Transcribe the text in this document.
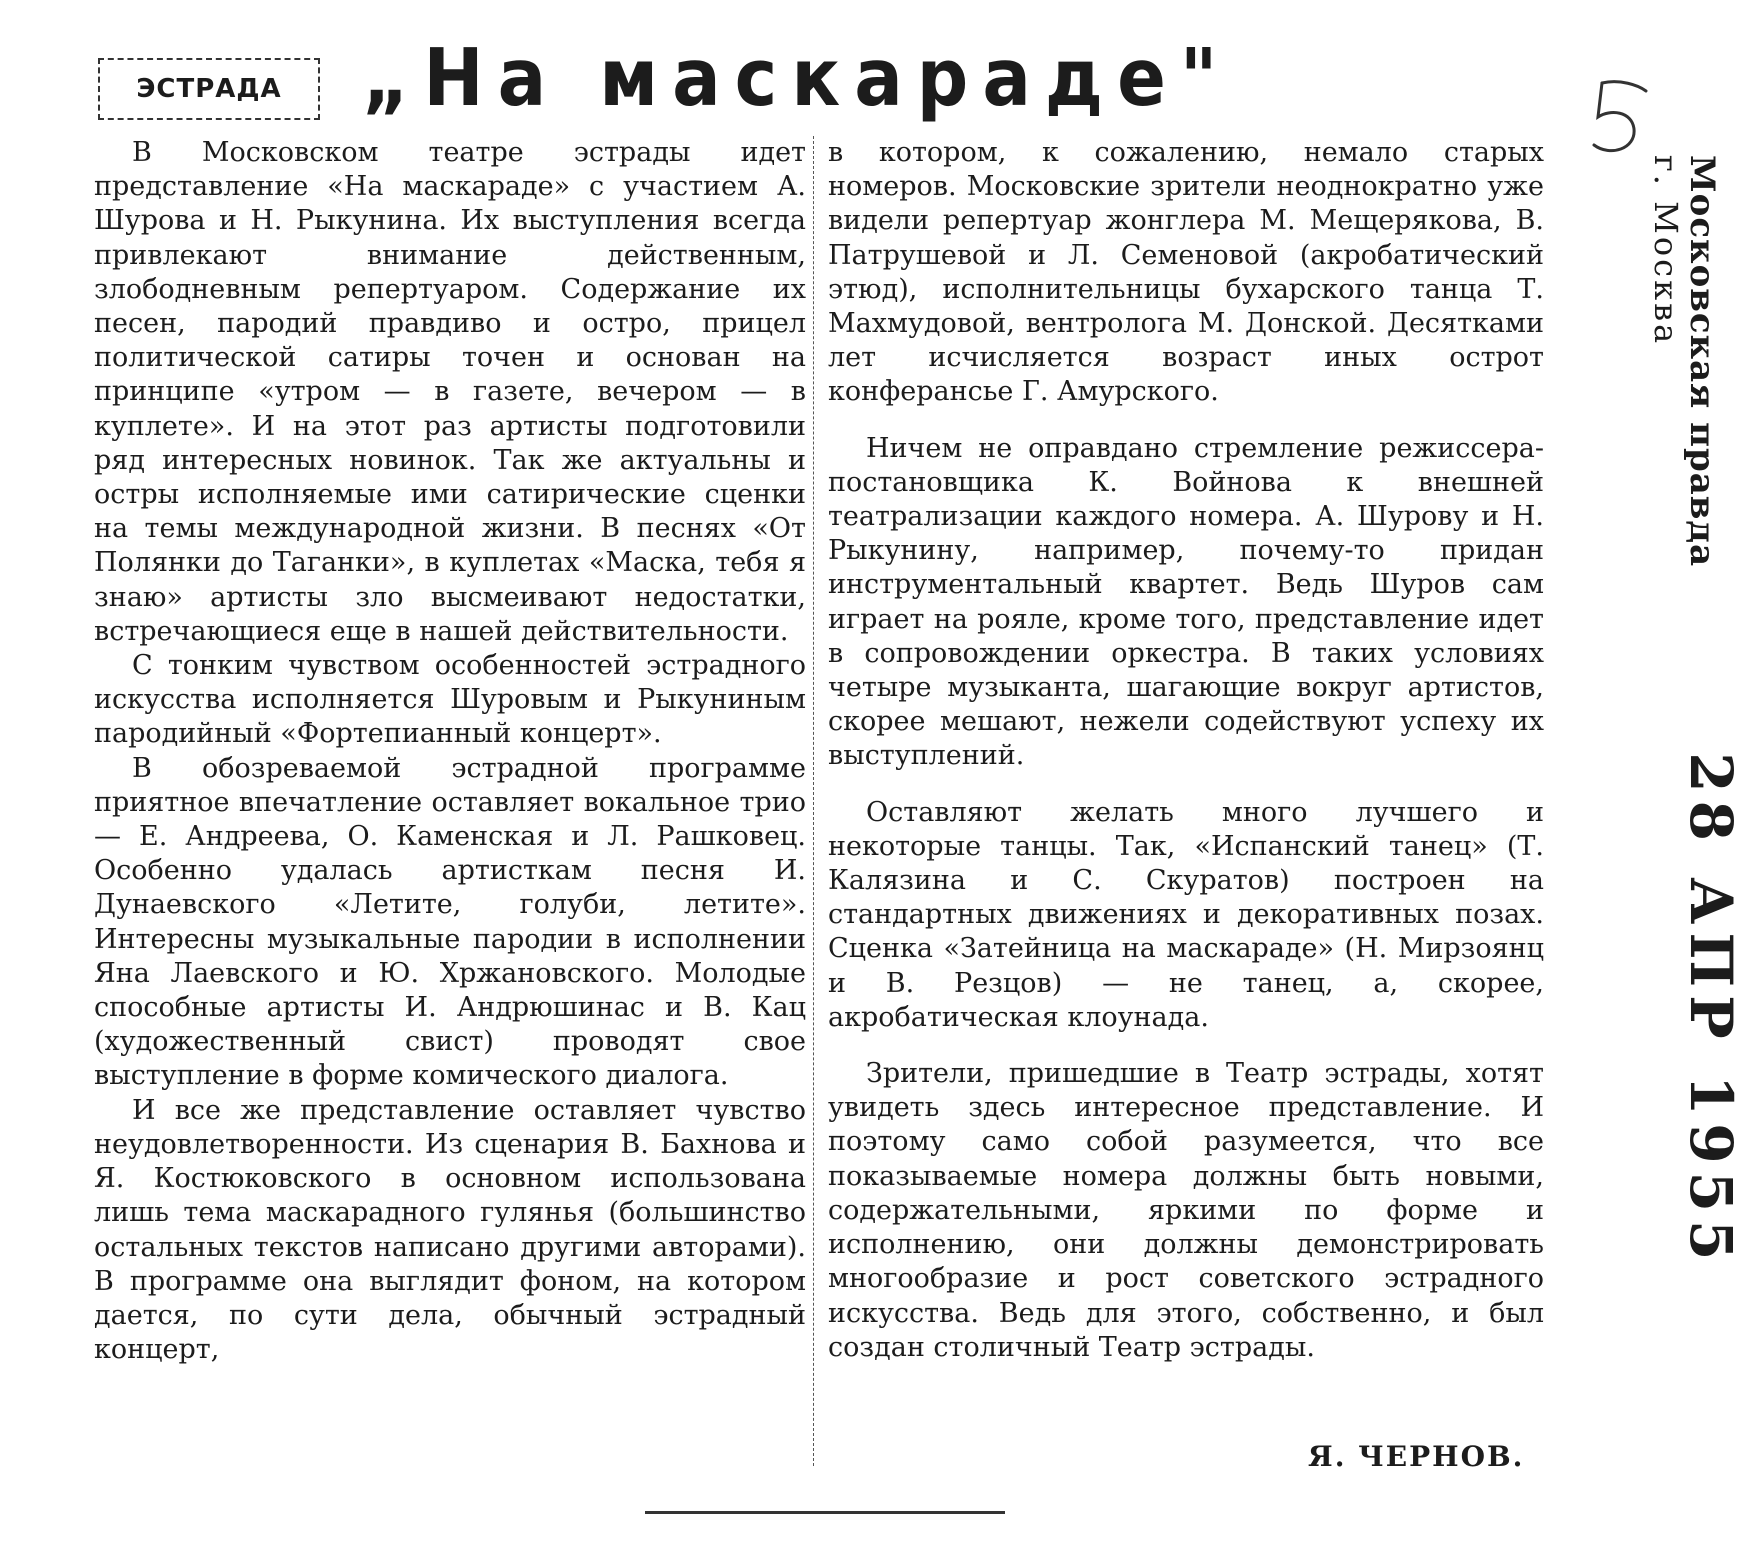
ЭСТРАДА „На маскараде"

В Московском театре эстрады идет представление «На маскараде» с участием А. Шурова и Н. Рыкунина. Их выступления всегда привлекают внимание действенным, злободневным репертуаром. Содержание их песен, пародий правдиво и остро, прицел политической сатиры точен и основан на принципе «утром — в газете, вечером — в куплете». И на этот раз артисты подготовили ряд интересных новинок. Так же актуальны и остры исполняемые ими сатирические сценки на темы международной жизни. В песнях «От Полянки до Таганки», в куплетах «Маска, тебя я знаю» артисты зло высмеивают недостатки, встречающиеся еще в нашей действительности.

С тонким чувством особенностей эстрадного искусства исполняется Шуровым и Рыкуниным пародийный «Фортепианный концерт».

В обозреваемой эстрадной программе приятное впечатление оставляет вокальное трио — Е. Андреева, О. Каменская и Л. Рашковец. Особенно удалась артисткам песня И. Дунаевского «Летите, голуби, летите». Интересны музыкальные пародии в исполнении Яна Лаевского и Ю. Хржановского. Молодые способные артисты И. Андрюшинас и В. Кац (художественный свист) проводят свое выступление в форме комического диалога.

И все же представление оставляет чувство неудовлетворенности. Из сценария В. Бахнова и Я. Костюковского в основном использована лишь тема маскарадного гулянья (большинство остальных текстов написано другими авторами). В программе она выглядит фоном, на котором дается, по сути дела, обычный эстрадный концерт,

в котором, к сожалению, немало старых номеров. Московские зрители неоднократно уже видели репертуар жонглера М. Мещерякова, В. Патрушевой и Л. Семеновой (акробатический этюд), исполнительницы бухарского танца Т. Махмудовой, вентролога М. Донской. Десятками лет исчисляется возраст иных острот конферансье Г. Амурского.

Ничем не оправдано стремление режиссера-постановщика К. Войнова к внешней театрализации каждого номера. А. Шурову и Н. Рыкунину, например, почему-то придан инструментальный квартет. Ведь Шуров сам играет на рояле, кроме того, представление идет в сопровождении оркестра. В таких условиях четыре музыканта, шагающие вокруг артистов, скорее мешают, нежели содействуют успеху их выступлений.

Оставляют желать много лучшего и некоторые танцы. Так, «Испанский танец» (Т. Калязина и С. Скуратов) построен на стандартных движениях и декоративных позах. Сценка «Затейница на маскараде» (Н. Мирзоянц и В. Резцов) — не танец, а, скорее, акробатическая клоунада.

Зрители, пришедшие в Театр эстрады, хотят увидеть здесь интересное представление. И поэтому само собой разумеется, что все показываемые номера должны быть новыми, содержательными, яркими по форме и исполнению, они должны демонстрировать многообразие и рост советского эстрадного искусства. Ведь для этого, собственно, и был создан столичный Театр эстрады.

Я. ЧЕРНОВ.
Московская правда 28 АПР 1955
г. Москва
